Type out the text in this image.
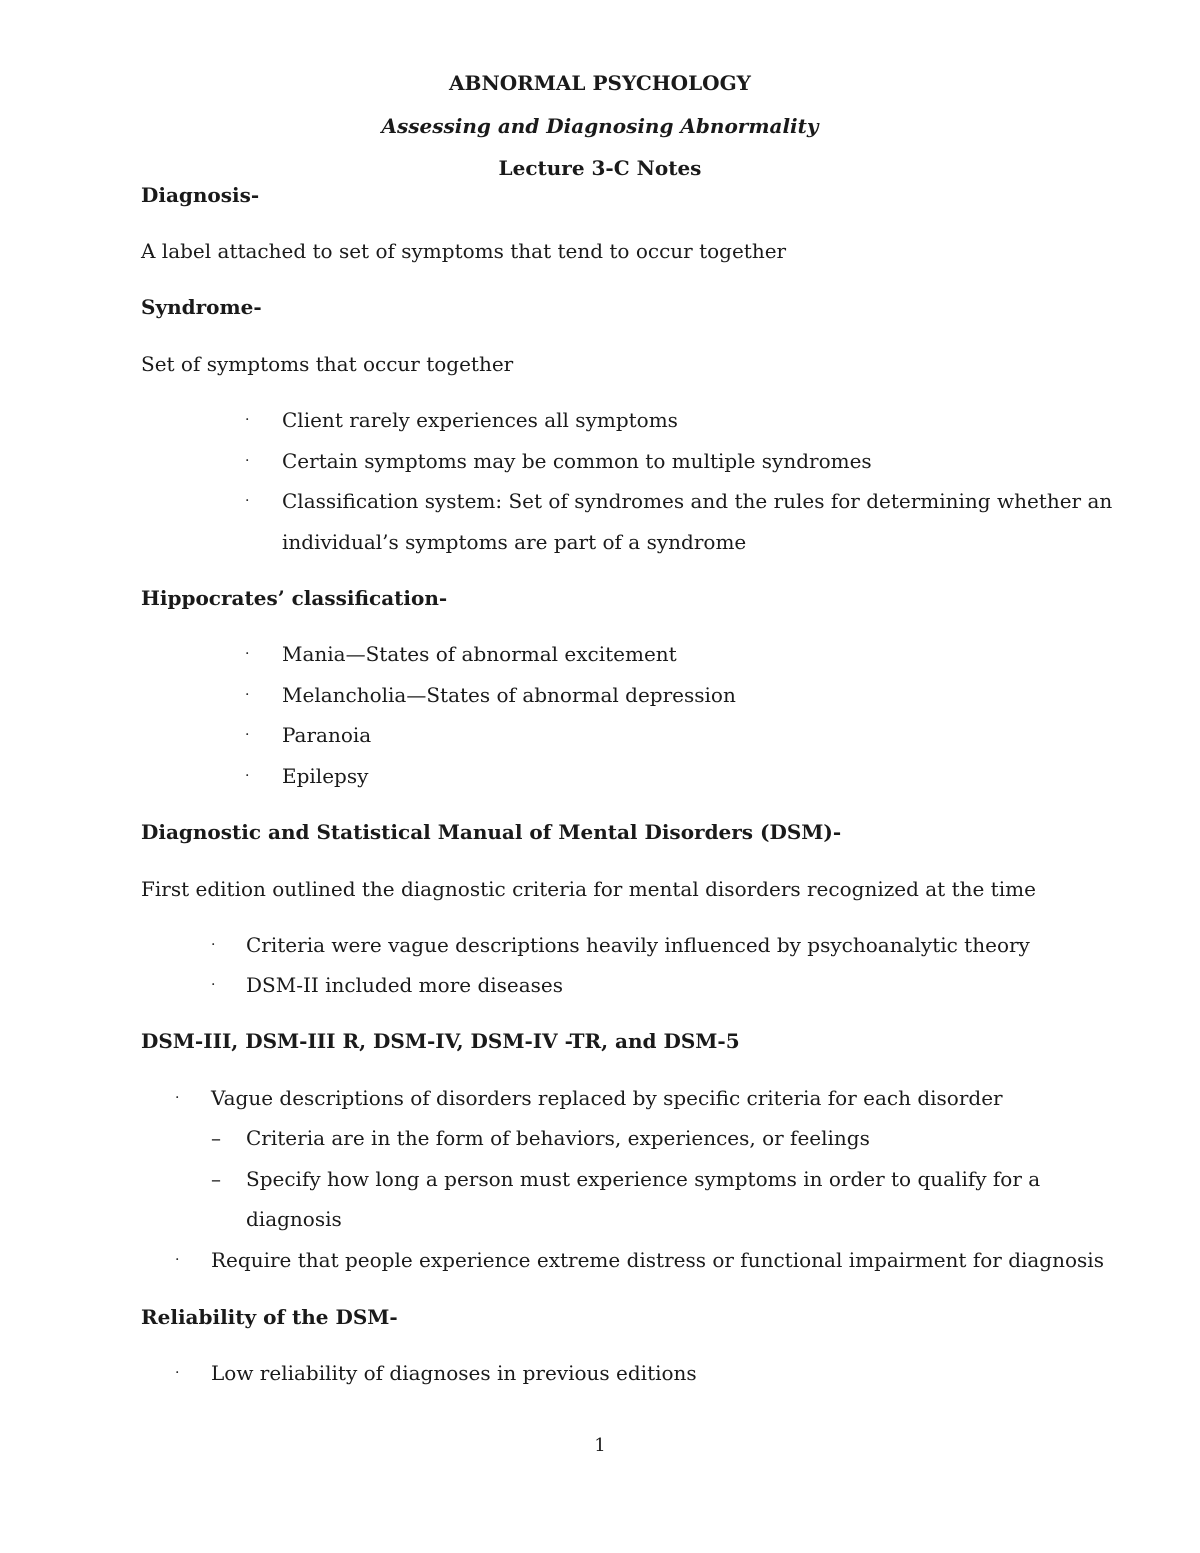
ABNORMAL PSYCHOLOGY
Assessing and Diagnosing Abnormality
Lecture 3-C Notes
Diagnosis-
A label attached to set of symptoms that tend to occur together
Syndrome-
Set of symptoms that occur together
· Client rarely experiences all symptoms
· Certain symptoms may be common to multiple syndromes
· Classification system: Set of syndromes and the rules for determining whether an
individual’s symptoms are part of a syndrome
Hippocrates’ classification-
· Mania—States of abnormal excitement
· Melancholia—States of abnormal depression
· Paranoia
· Epilepsy
Diagnostic and Statistical Manual of Mental Disorders (DSM)-
First edition outlined the diagnostic criteria for mental disorders recognized at the time
· Criteria were vague descriptions heavily influenced by psychoanalytic theory
· DSM-II included more diseases
DSM-III, DSM-III R, DSM-IV, DSM-IV -TR, and DSM-5
· Vague descriptions of disorders replaced by specific criteria for each disorder
– Criteria are in the form of behaviors, experiences, or feelings
– Specify how long a person must experience symptoms in order to qualify for a
diagnosis
· Require that people experience extreme distress or functional impairment for diagnosis
Reliability of the DSM-
· Low reliability of diagnoses in previous editions
1
